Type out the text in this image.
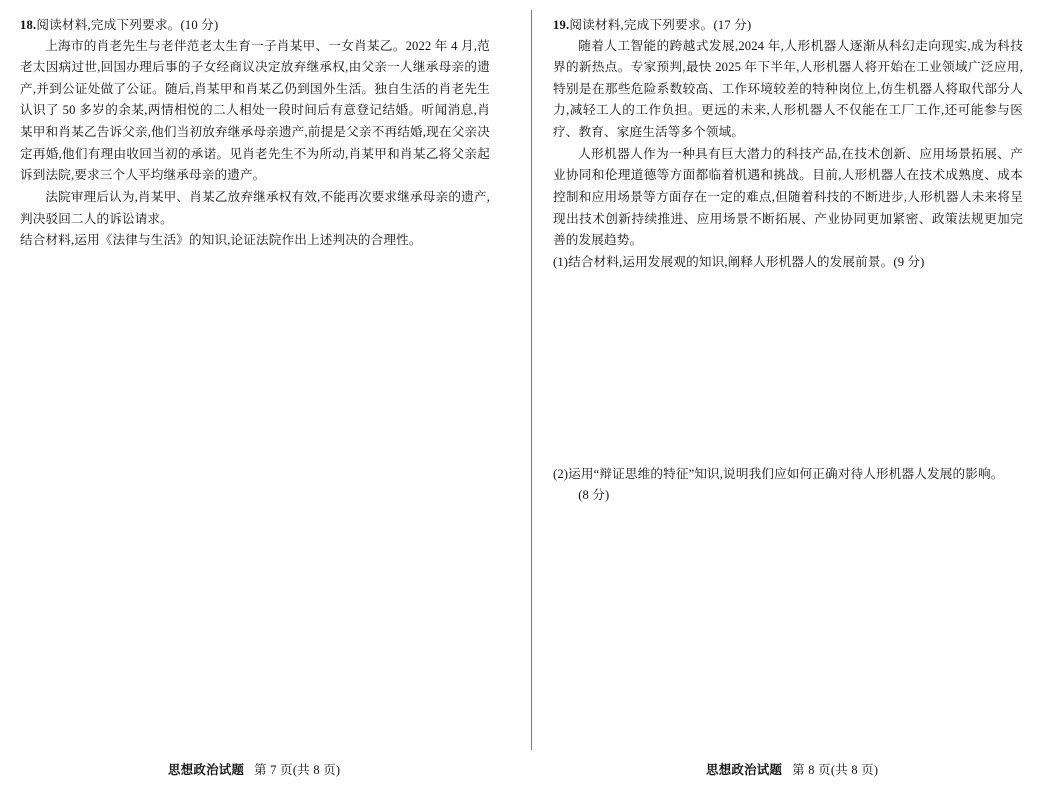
18.阅读材料,完成下列要求。(10 分)

上海市的肖老先生与老伴范老太生育一子肖某甲、一女肖某乙。2022 年 4 月,范老太因病过世,回国办理后事的子女经商议决定放弃继承权,由父亲一人继承母亲的遗产,并到公证处做了公证。随后,肖某甲和肖某乙仍到国外生活。独自生活的肖老先生认识了 50 多岁的余某,两情相悦的二人相处一段时间后有意登记结婚。听闻消息,肖某甲和肖某乙告诉父亲,他们当初放弃继承母亲遗产,前提是父亲不再结婚,现在父亲决定再婚,他们有理由收回当初的承诺。见肖老先生不为所动,肖某甲和肖某乙将父亲起诉到法院,要求三个人平均继承母亲的遗产。

法院审理后认为,肖某甲、肖某乙放弃继承权有效,不能再次要求继承母亲的遗产,判决驳回二人的诉讼请求。

结合材料,运用《法律与生活》的知识,论证法院作出上述判决的合理性。

19.阅读材料,完成下列要求。(17 分)

随着人工智能的跨越式发展,2024 年,人形机器人逐渐从科幻走向现实,成为科技界的新热点。专家预判,最快 2025 年下半年,人形机器人将开始在工业领域广泛应用,特别是在那些危险系数较高、工作环境较差的特种岗位上,仿生机器人将取代部分人力,减轻工人的工作负担。更远的未来,人形机器人不仅能在工厂工作,还可能参与医疗、教育、家庭生活等多个领域。

人形机器人作为一种具有巨大潜力的科技产品,在技术创新、应用场景拓展、产业协同和伦理道德等方面都临着机遇和挑战。目前,人形机器人在技术成熟度、成本控制和应用场景等方面存在一定的难点,但随着科技的不断进步,人形机器人未来将呈现出技术创新持续推进、应用场景不断拓展、产业协同更加紧密、政策法规更加完善的发展趋势。

(1)结合材料,运用发展观的知识,阐释人形机器人的发展前景。(9 分)

(2)运用“辩证思维的特征”知识,说明我们应如何正确对待人形机器人发展的影响。

(8 分)

思想政治试题 第 7 页(共 8 页)	思想政治试题 第 8 页(共 8 页)
